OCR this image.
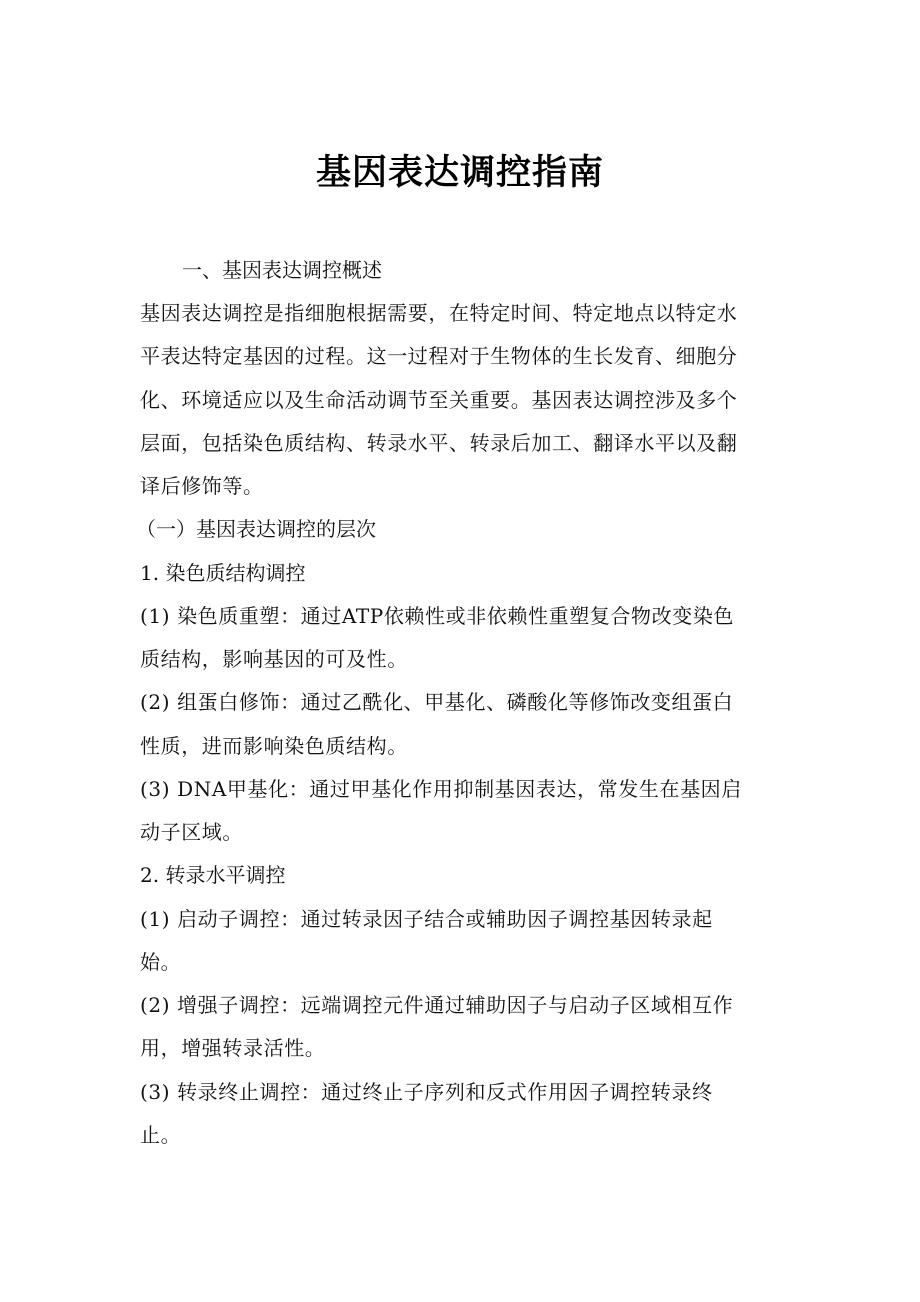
基因表达调控指南

一、基因表达调控概述

基因表达调控是指细胞根据需要，在特定时间、特定地点以特定水

平表达特定基因的过程。这一过程对于生物体的生长发育、细胞分

化、环境适应以及生命活动调节至关重要。基因表达调控涉及多个

层面，包括染色质结构、转录水平、转录后加工、翻译水平以及翻

译后修饰等。

（一）基因表达调控的层次

1. 染色质结构调控

(1) 染色质重塑：通过ATP依赖性或非依赖性重塑复合物改变染色

质结构，影响基因的可及性。

(2) 组蛋白修饰：通过乙酰化、甲基化、磷酸化等修饰改变组蛋白

性质，进而影响染色质结构。

(3) DNA甲基化：通过甲基化作用抑制基因表达，常发生在基因启

动子区域。

2. 转录水平调控

(1) 启动子调控：通过转录因子结合或辅助因子调控基因转录起

始。

(2) 增强子调控：远端调控元件通过辅助因子与启动子区域相互作

用，增强转录活性。

(3) 转录终止调控：通过终止子序列和反式作用因子调控转录终

止。
